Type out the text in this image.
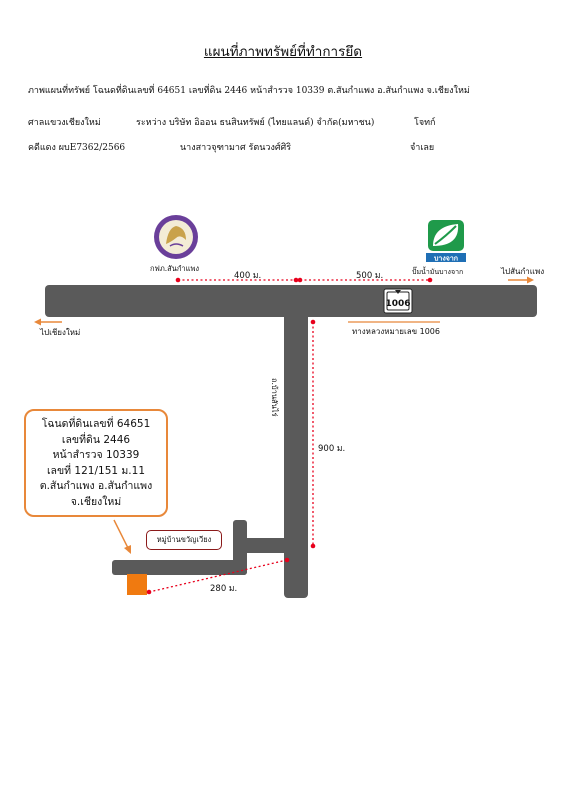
แผนที่ภาพทรัพย์ที่ทำการยึด
ภาพแผนที่ทรัพย์ โฉนดที่ดินเลขที่ 64651 เลขที่ดิน 2446 หน้าสำรวจ 10339 ต.สันกำแพง อ.สันกำแพง จ.เชียงใหม่
ศาลแขวงเชียงใหม่	ระหว่าง บริษัท อิออน ธนสินทรัพย์ (ไทยแลนด์) จำกัด(มหาชน)	โจทก์
คดีแดง ผบE7362/2566	นางสาวจุฑามาศ รัตนวงศ์ศิริ	จำเลย
1006
บางจาก
ถ.บ้านสันไร่
กฟภ.สันกำแพง	ปั๊มน้ำมันบางจาก
400 ม.	500 ม.
900 ม.
280 ม.
ไปสันกำแพง
ไปเชียงใหม่	ทางหลวงหมายเลข 1006
หมู่บ้านขวัญเวียง
โฉนดที่ดินเลขที่ 64651
เลขที่ดิน 2446
หน้าสำรวจ 10339
เลขที่ 121/151 ม.11
ต.สันกำแพง อ.สันกำแพง
จ.เชียงใหม่
